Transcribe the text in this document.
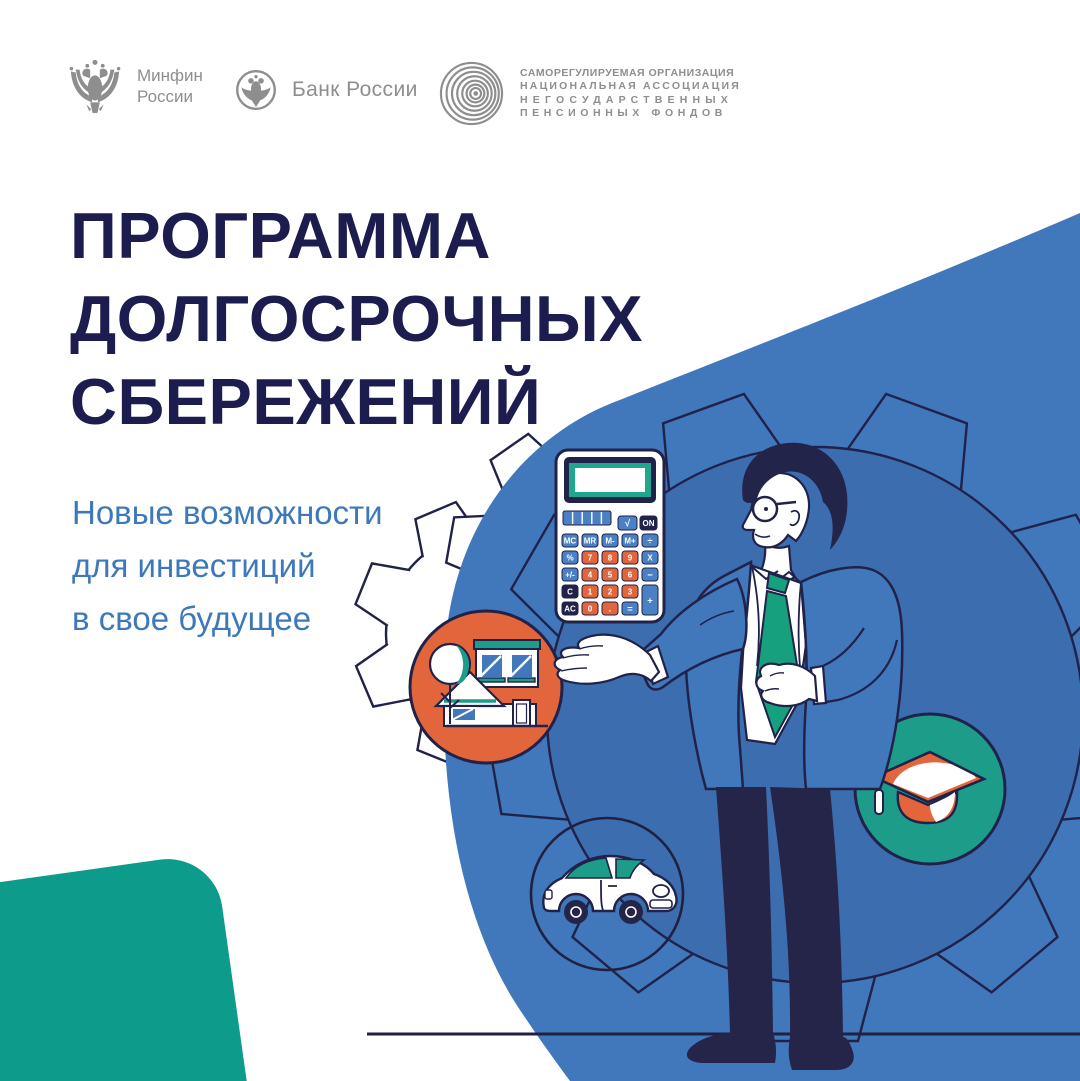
√ ON
MC MR M- M+ ÷
% 7 8 9 X
+/- 4 5 6 −
C 1 2 3
+
AC 0 . =
Минфин
России	Банк России
САМОРЕГУЛИРУЕМАЯ ОРГАНИЗАЦИЯ
НАЦИОНАЛЬНАЯ АССОЦИАЦИЯ
НЕГОСУДАРСТВЕННЫХ
ПЕНСИОННЫХ ФОНДОВ
ПРОГРАММА
ДОЛГОСРОЧНЫХ
СБЕРЕЖЕНИЙ
Новые возможности
для инвестиций
в свое будущее
